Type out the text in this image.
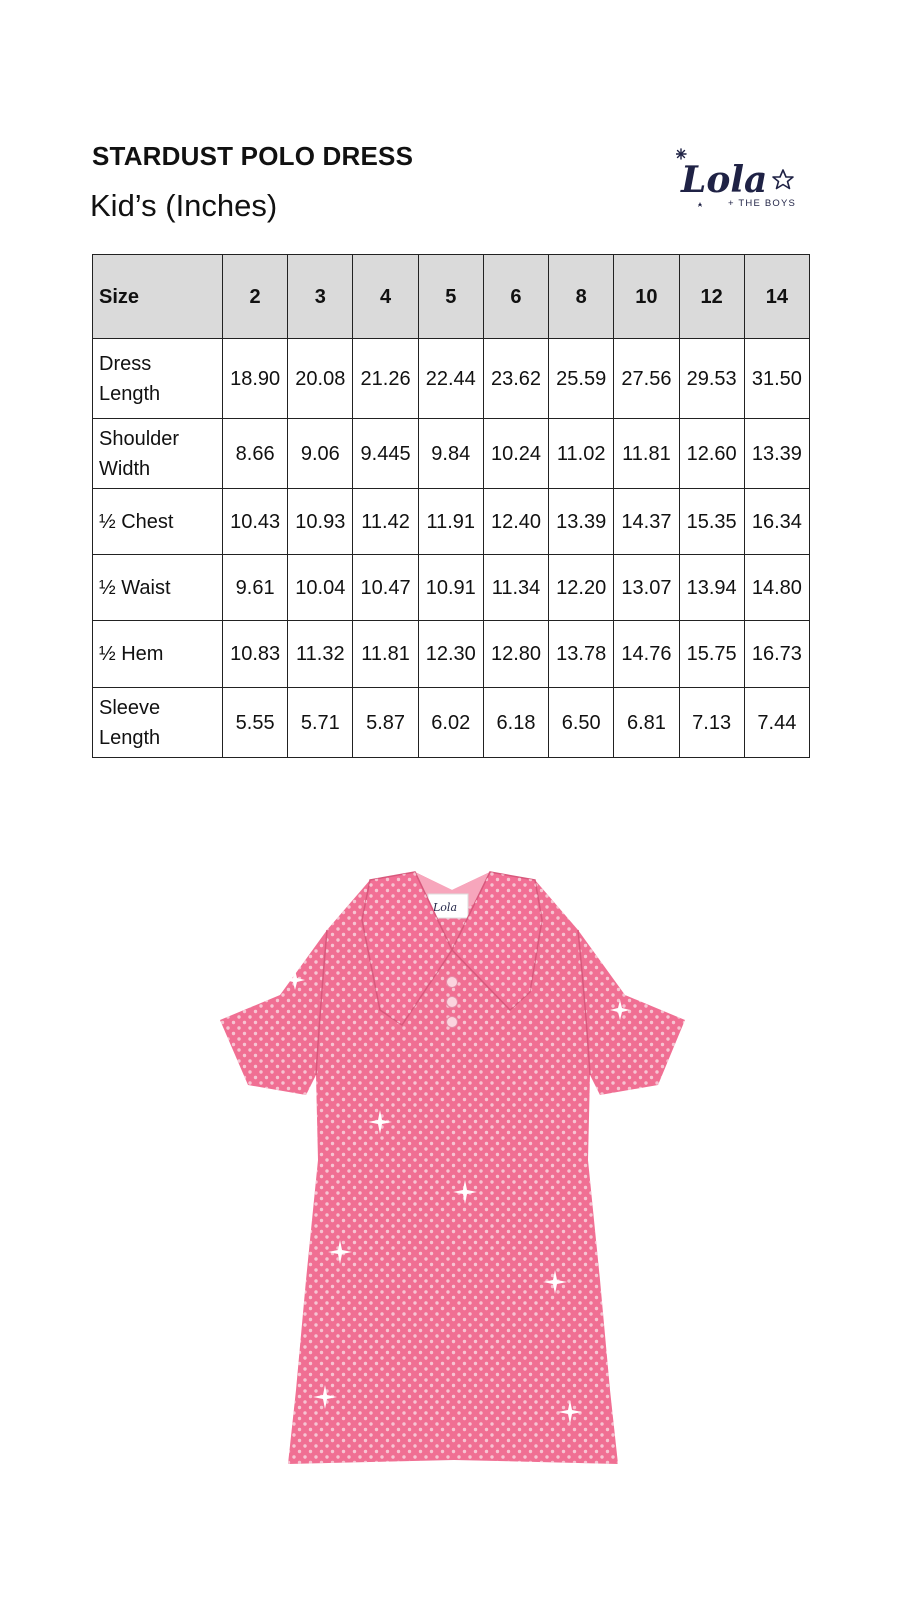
STARDUST POLO DRESS
Kid’s (Inches)
Lola
+ THE BOYS
Size	2	3	4	5	6	8	10	12	14

Dress
Length	18.90	20.08	21.26	22.44	23.62	25.59	27.56	29.53	31.50

Shoulder
Width	8.66	9.06	9.445	9.84	10.24	11.02	11.81	12.60	13.39

½ Chest	10.43	10.93	11.42	11.91	12.40	13.39	14.37	15.35	16.34

½ Waist	9.61	10.04	10.47	10.91	11.34	12.20	13.07	13.94	14.80

½ Hem	10.83	11.32	11.81	12.30	12.80	13.78	14.76	15.75	16.73

Sleeve
Length	5.55	5.71	5.87	6.02	6.18	6.50	6.81	7.13	7.44
Lola
